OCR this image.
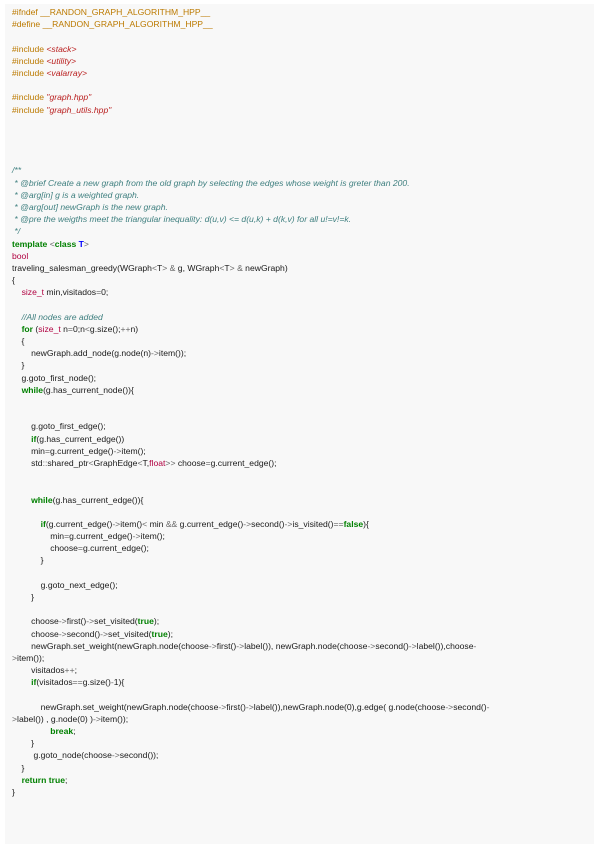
#ifndef __RANDON_GRAPH_ALGORITHM_HPP__
#define __RANDON_GRAPH_ALGORITHM_HPP__
#include <stack>
#include <utility>
#include <valarray>
#include "graph.hpp"
#include "graph_utils.hpp"
/**
* @brief Create a new graph from the old graph by selecting the edges whose weight is greter than 200.
* @arg[in] g is a weighted graph.
* @arg[out] newGraph is the new graph.
* @pre the weigths meet the triangular inequality: d(u,v) <= d(u,k) + d(k,v) for all u!=v!=k.
*/
template <class T>
bool
traveling_salesman_greedy(WGraph<T> & g, WGraph<T> & newGraph)
{
size_t min,visitados=0;
//All nodes are added
for (size_t n=0;n<g.size();++n)
{
newGraph.add_node(g.node(n)->item());
}
g.goto_first_node();
while(g.has_current_node()){
g.goto_first_edge();
if(g.has_current_edge())
min=g.current_edge()->item();
std::shared_ptr<GraphEdge<T,float>> choose=g.current_edge();
while(g.has_current_edge()){
if(g.current_edge()->item()< min && g.current_edge()->second()->is_visited()==false){
min=g.current_edge()->item();
choose=g.current_edge();
}
g.goto_next_edge();
}
choose->first()->set_visited(true);
choose->second()->set_visited(true);
newGraph.set_weight(newGraph.node(choose->first()->label()), newGraph.node(choose->second()->label()),choose-
>item());
visitados++;
if(visitados==g.size()-1){
newGraph.set_weight(newGraph.node(choose->first()->label()),newGraph.node(0),g.edge( g.node(choose->second()-
>label()) , g.node(0) )->item());
break;
}
g.goto_node(choose->second());
}
return true;
}
